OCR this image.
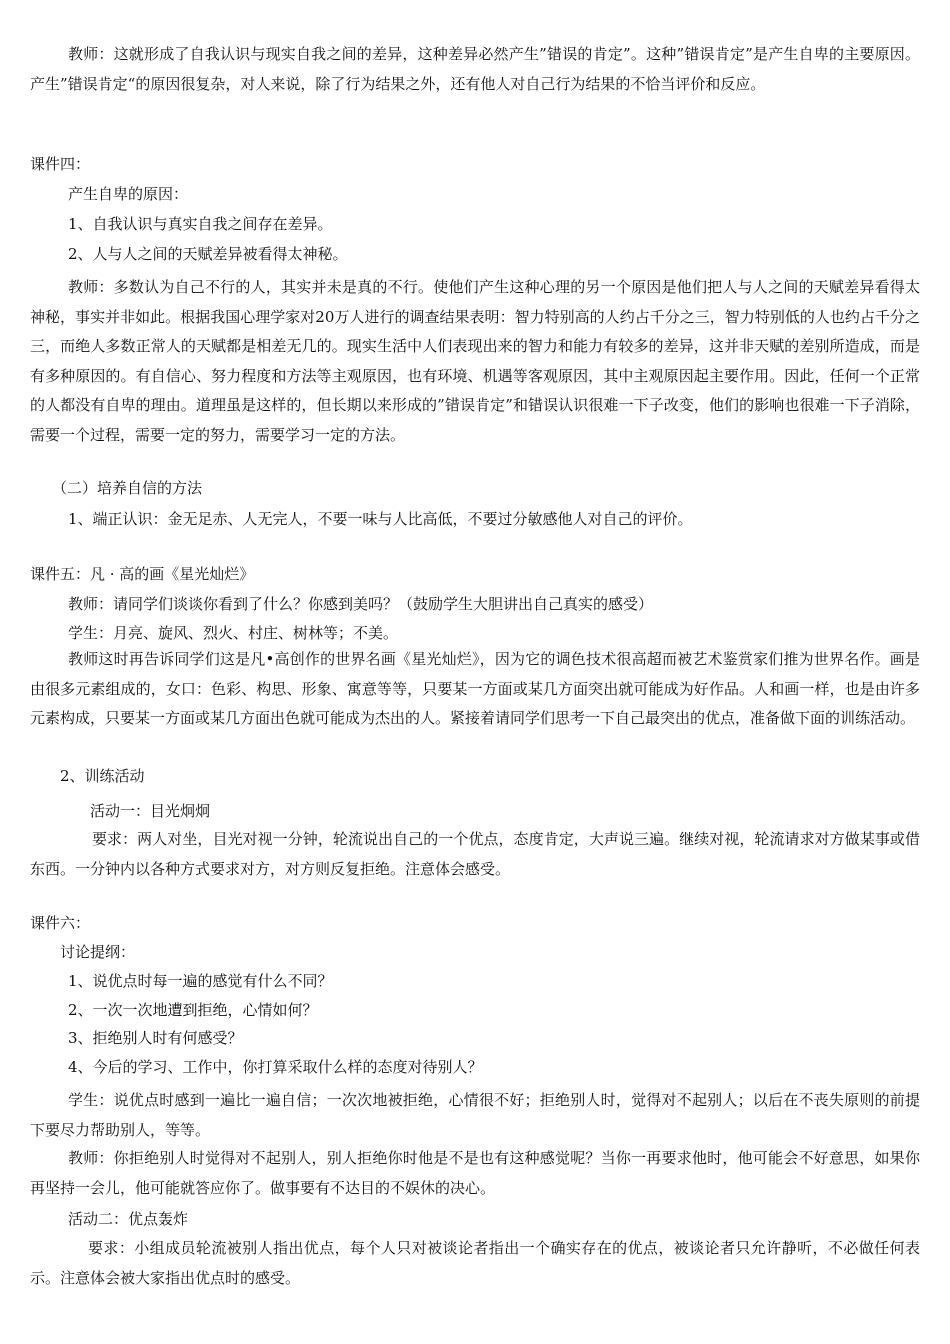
教师：这就形成了自我认识与现实自我之间的差异，这种差异必然产生”错误的肯定”。这种”错误肯定”是产生自卑的主要原因。产生”错误肯定“的原因很复杂，对人来说，除了行为结果之外，还有他人对自己行为结果的不恰当评价和反应。

课件四：

产生自卑的原因：

1、自我认识与真实自我之间存在差异。

2、人与人之间的天赋差异被看得太神秘。

教师：多数认为自己不行的人，其实并未是真的不行。使他们产生这种心理的另一个原因是他们把人与人之间的天赋差异看得太神秘，事实并非如此。根据我国心理学家对20万人进行的调查结果表明：智力特别高的人约占千分之三，智力特别低的人也约占千分之三，而绝人多数正常人的天赋都是相差无几的。现实生活中人们表现出来的智力和能力有较多的差异，这并非天赋的差别所造成，而是有多种原因的。有自信心、努力程度和方法等主观原因，也有环境、机遇等客观原因，其中主观原因起主要作用。因此，任何一个正常的人都没有自卑的理由。道理虽是这样的，但长期以来形成的”错误肯定”和错误认识很难一下子改变，他们的影响也很难一下子消除，需要一个过程，需要一定的努力，需要学习一定的方法。

（二）培养自信的方法

1、端正认识：金无足赤、人无完人，不要一味与人比高低，不要过分敏感他人对自己的评价。

课件五：凡 · 高的画《星光灿烂》

教师：请同学们谈谈你看到了什么？你感到美吗？（鼓励学生大胆讲出自己真实的感受）

学生：月亮、旋风、烈火、村庄、树林等；不美。

教师这时再告诉同学们这是凡•高创作的世界名画《星光灿烂》，因为它的调色技术很高超而被艺术鉴赏家们推为世界名作。画是由很多元素组成的，女口：色彩、构思、形象、寓意等等，只要某一方面或某几方面突出就可能成为好作品。人和画一样，也是由许多元素构成，只要某一方面或某几方面出色就可能成为杰出的人。紧接着请同学们思考一下自己最突出的优点，准备做下面的训练活动。

2、训练活动

活动一：目光炯炯

要求：两人对坐，目光对视一分钟，轮流说出自己的一个优点，态度肯定，大声说三遍。继续对视，轮流请求对方做某事或借东西。一分钟内以各种方式要求对方，对方则反复拒绝。注意体会感受。

课件六：

讨论提纲：

1、说优点时每一遍的感觉有什么不同？

2、一次一次地遭到拒绝，心情如何？

3、拒绝别人时有何感受？

4、今后的学习、工作中，你打算采取什么样的态度对待别人？

学生：说优点时感到一遍比一遍自信；一次次地被拒绝，心情很不好；拒绝别人时，觉得对不起别人；以后在不丧失原则的前提下要尽力帮助别人，等等。

教师：你拒绝别人时觉得对不起别人，别人拒绝你时他是不是也有这种感觉呢？当你一再要求他时，他可能会不好意思，如果你再坚持一会儿，他可能就答应你了。做事要有不达目的不娱休的决心。

活动二：优点轰炸

要求：小组成员轮流被别人指出优点，每个人只对被谈论者指出一个确实存在的优点，被谈论者只允许静听，不必做任何表示。注意体会被大家指出优点时的感受。
